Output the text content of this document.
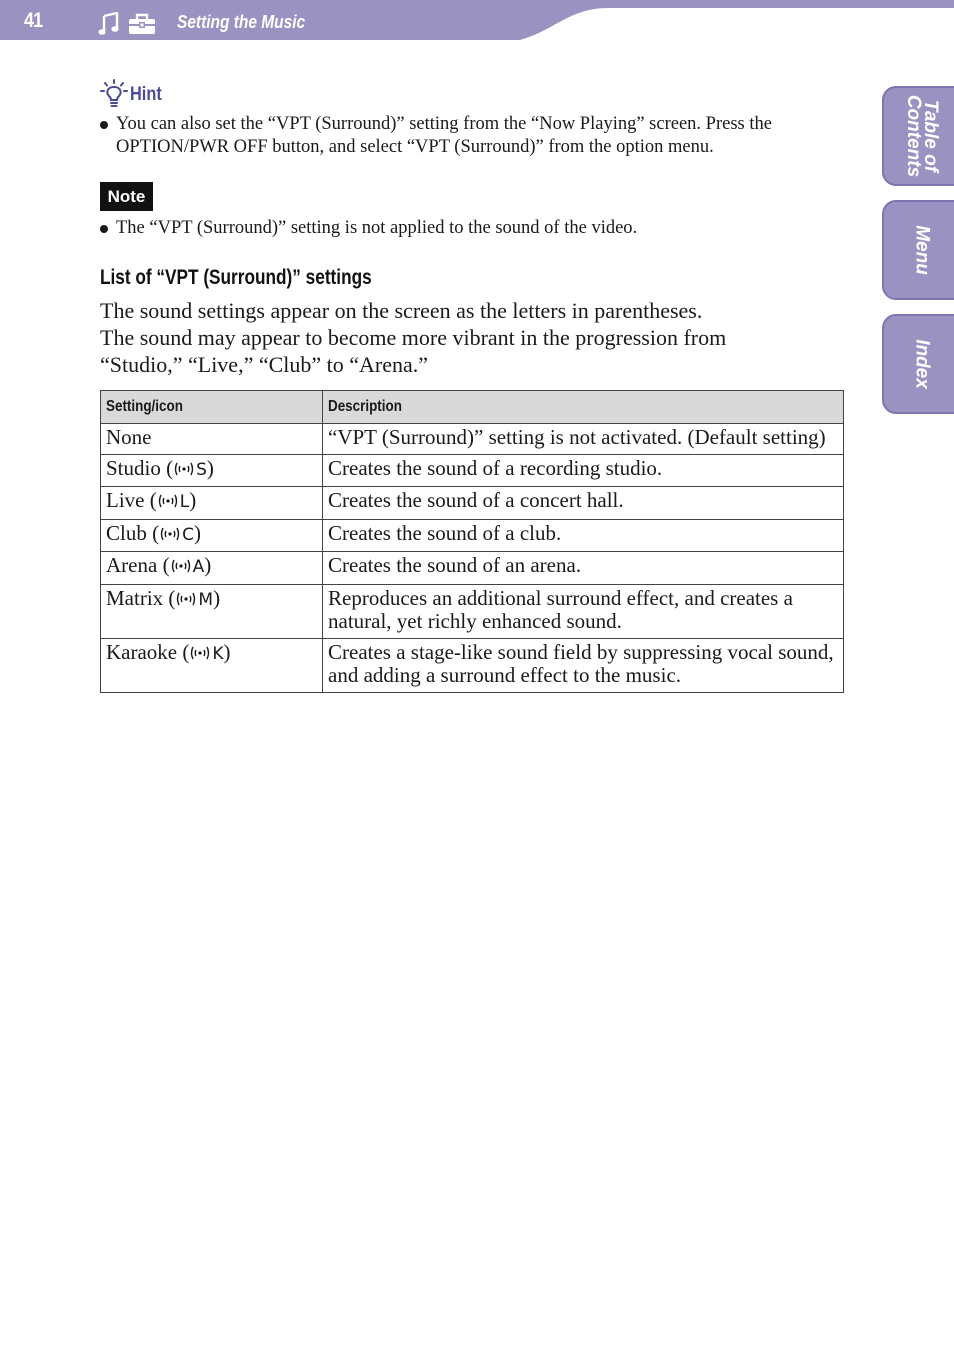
41	Setting the Music
Table of
Contents
Menu
Index
Hint
You can also set the “VPT (Surround)” setting from the “Now Playing” screen. Press the OPTION/PWR OFF button, and select “VPT (Surround)” from the option menu.
Note
The “VPT (Surround)” setting is not applied to the sound of the video.
List of “VPT (Surround)” settings
The sound settings appear on the screen as the letters in parentheses.
The sound may appear to become more vibrant in the progression from
“Studio,” “Live,” “Club” to “Arena.”
Setting/icon	Description
None	“VPT (Surround)” setting is not activated. (Default setting)
Studio ( S)	Creates the sound of a recording studio.
Live ( L)	Creates the sound of a concert hall.
Club ( C)	Creates the sound of a club.
Arena ( A)	Creates the sound of an arena.
Matrix ( M)	Reproduces an additional surround effect, and creates a natural, yet richly enhanced sound.
Karaoke ( K)	Creates a stage-like sound field by suppressing vocal sound, and adding a surround effect to the music.
